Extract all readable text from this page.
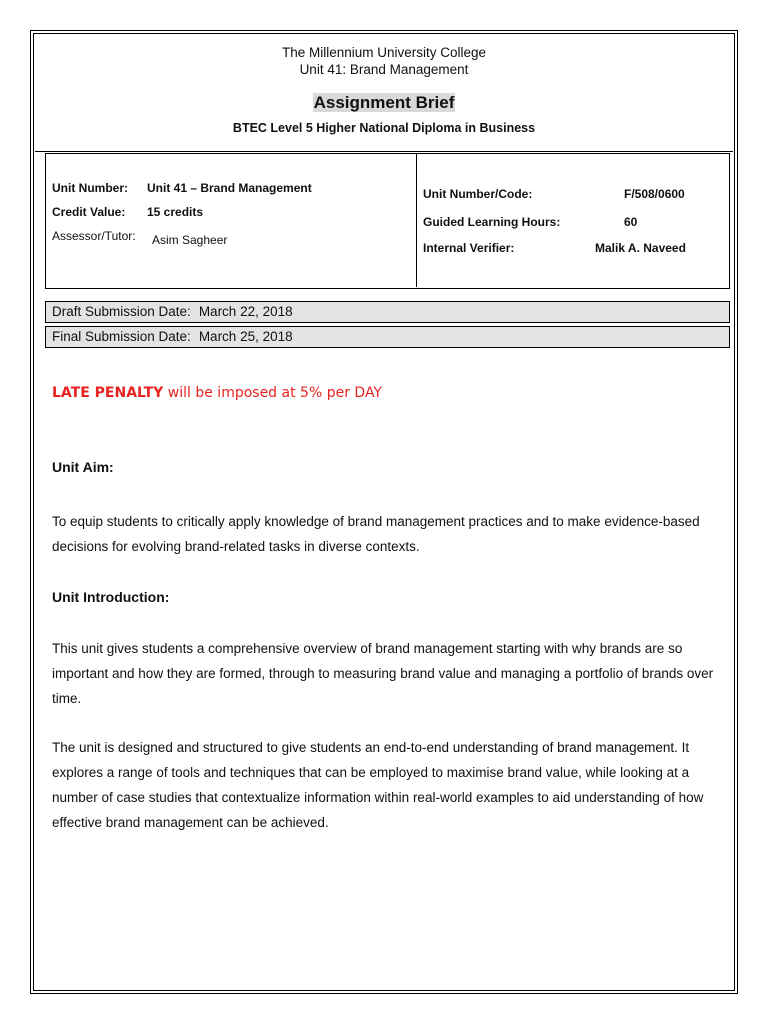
The Millennium University College
Unit 41: Brand Management
Assignment Brief
BTEC Level 5 Higher National Diploma in Business
Unit Number: Unit 41 – Brand Management
Credit Value: 15 credits
Assessor/Tutor: Asim Sagheer
Unit Number/Code:	F/508/0600
Guided Learning Hours:	60
Internal Verifier:	Malik A. Naveed
Draft Submission Date: March 22, 2018
Final Submission Date: March 25, 2018
LATE PENALTY will be imposed at 5% per DAY
Unit Aim:
To equip students to critically apply knowledge of brand management practices and to make evidence-based decisions for evolving brand-related tasks in diverse contexts.
Unit Introduction:
This unit gives students a comprehensive overview of brand management starting with why brands are so important and how they are formed, through to measuring brand value and managing a portfolio of brands over time.
The unit is designed and structured to give students an end-to-end understanding of brand management. It explores a range of tools and techniques that can be employed to maximise brand value, while looking at a number of case studies that contextualize information within real-world examples to aid understanding of how effective brand management can be achieved.
